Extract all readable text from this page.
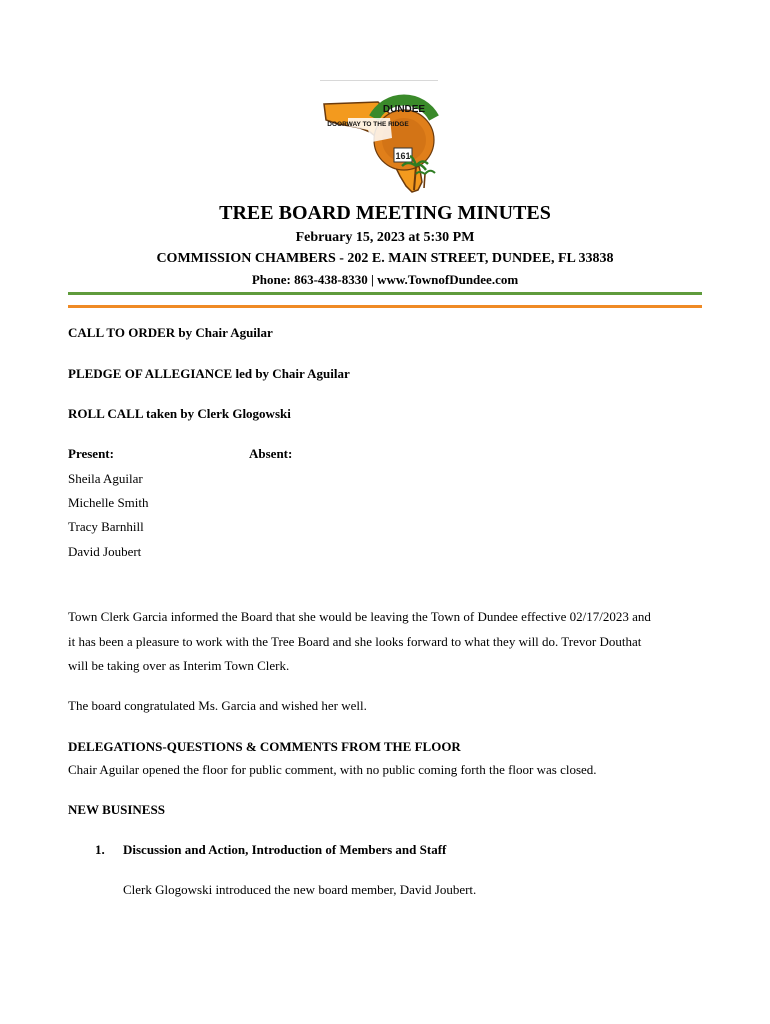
DUNDEE
DOORWAY TO THE RIDGE
1​61
TREE BOARD MEETING MINUTES
February 15, 2023 at 5:30 PM
COMMISSION CHAMBERS - 202 E. MAIN STREET, DUNDEE, FL 33838
Phone: 863-438-8330 | www.TownofDundee.com
CALL TO ORDER by Chair Aguilar
PLEDGE OF ALLEGIANCE led by Chair Aguilar
ROLL CALL taken by Clerk Glogowski
Present:	Absent:
Sheila Aguilar
Michelle Smith
Tracy Barnhill
David Joubert
Town Clerk Garcia informed the Board that she would be leaving the Town of Dundee effective 02/17/2023 and
it has been a pleasure to work with the Tree Board and she looks forward to what they will do. Trevor Douthat
will be taking over as Interim Town Clerk.
The board congratulated Ms. Garcia and wished her well.
DELEGATIONS-QUESTIONS & COMMENTS FROM THE FLOOR
Chair Aguilar opened the floor for public comment, with no public coming forth the floor was closed.
NEW BUSINESS
1. Discussion and Action, Introduction of Members and Staff
Clerk Glogowski introduced the new board member, David Joubert.
